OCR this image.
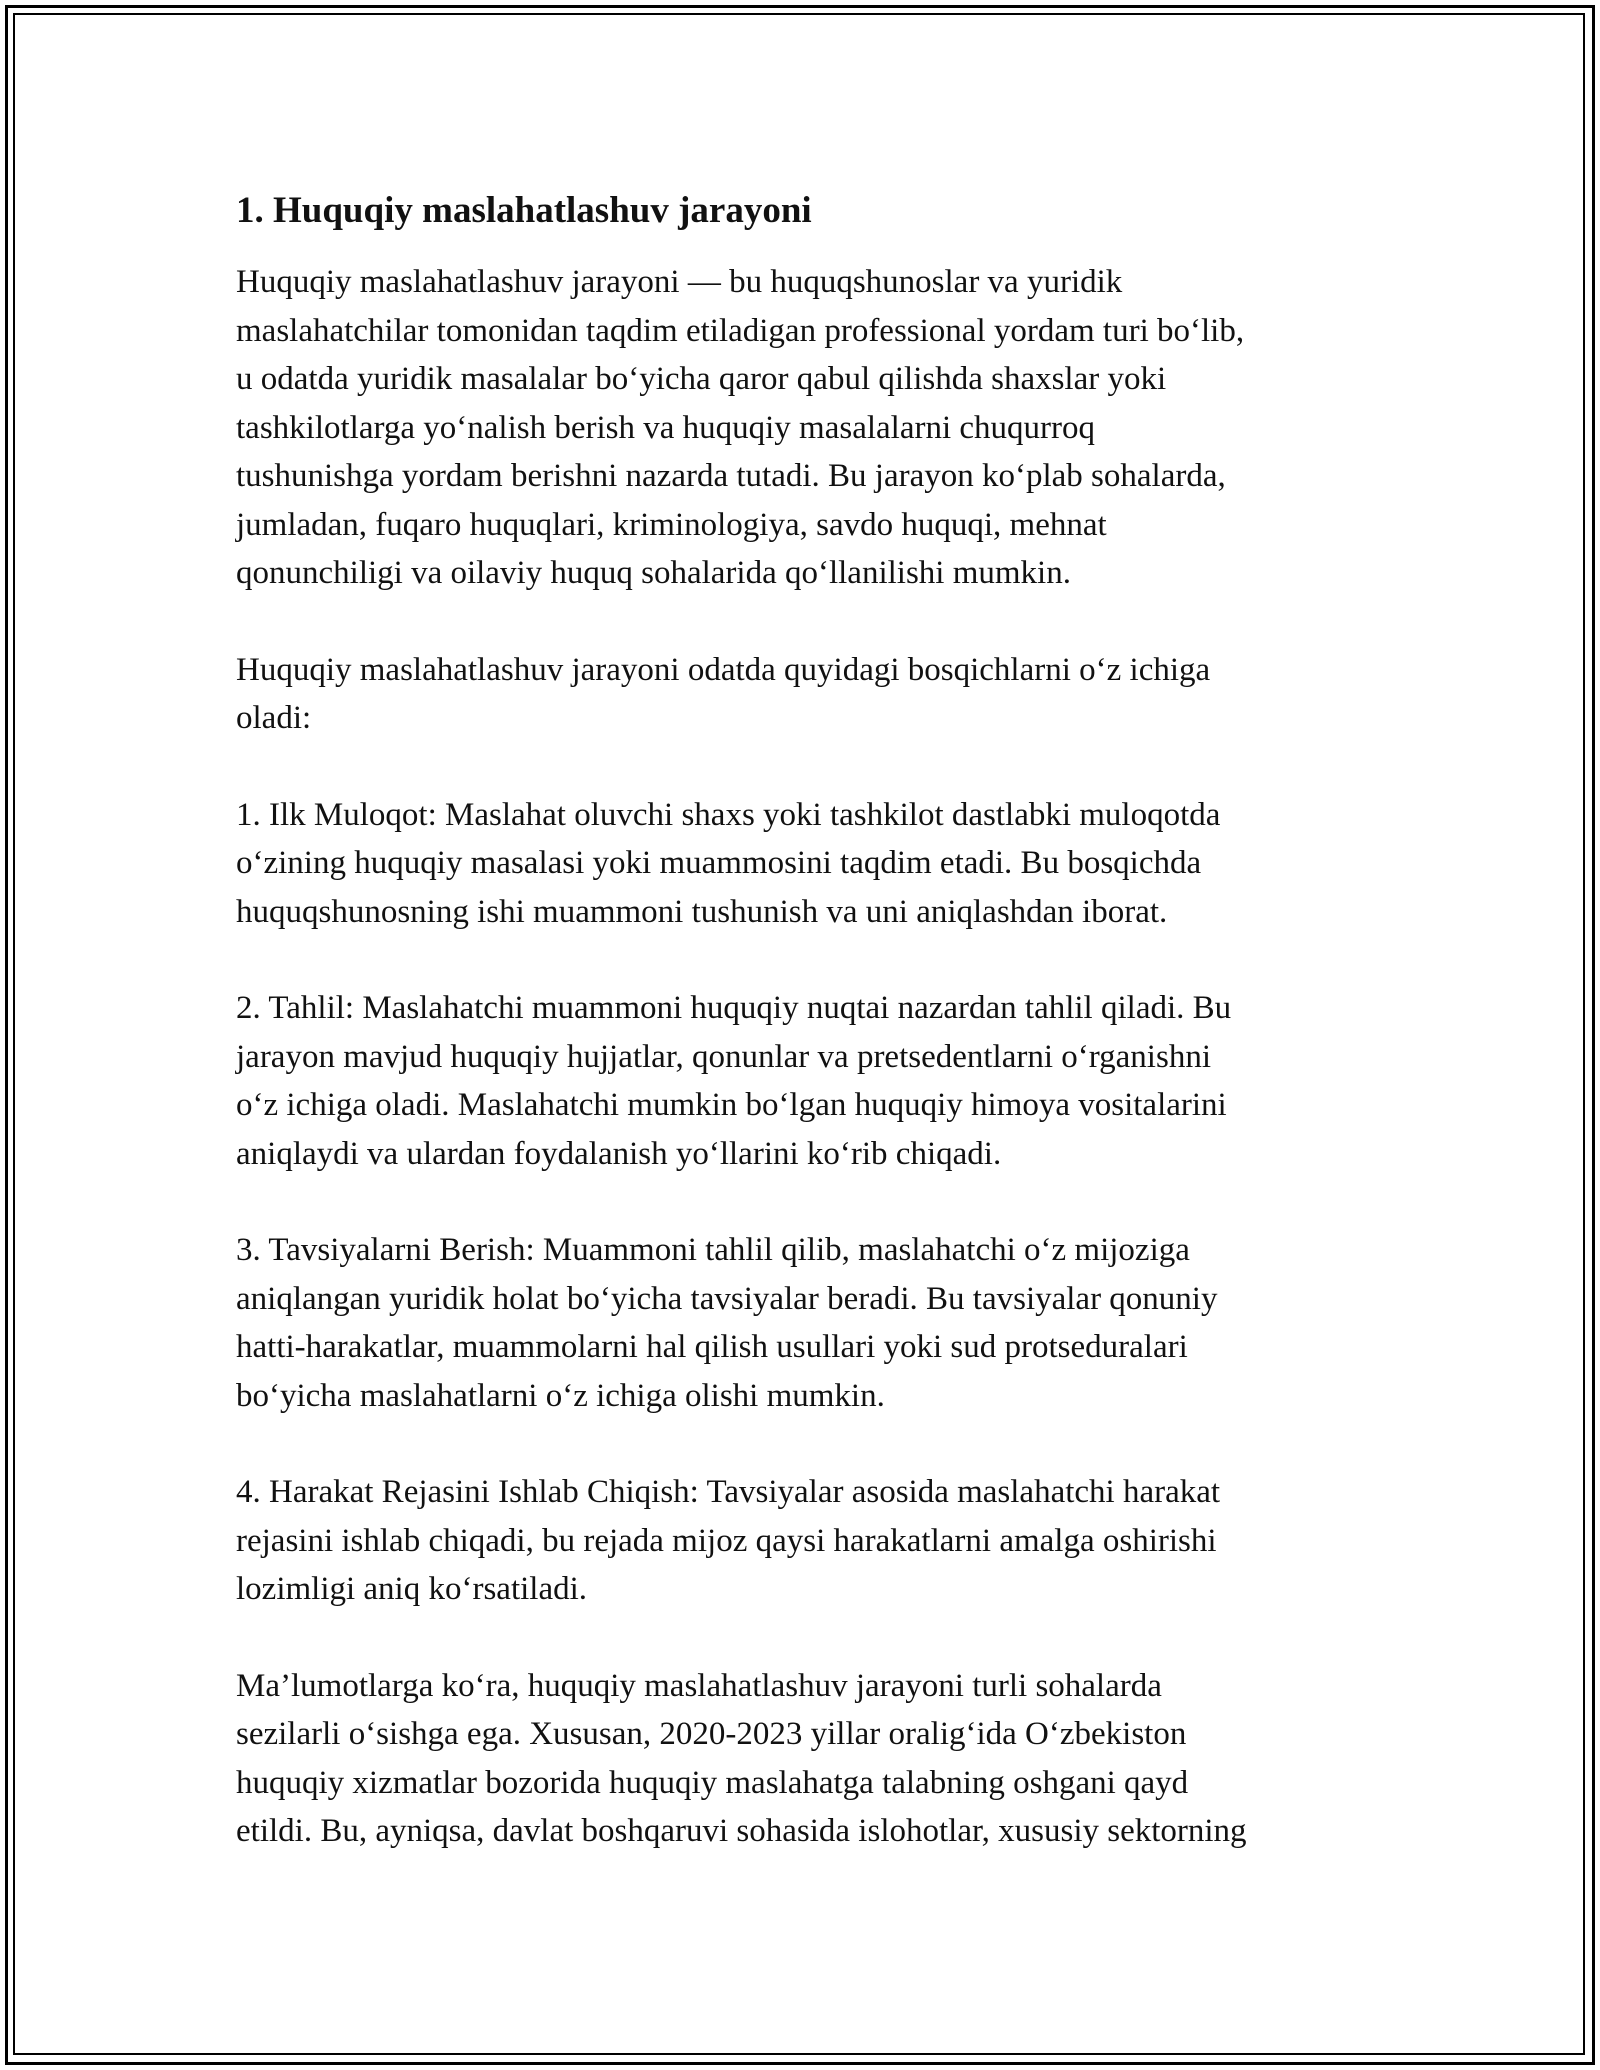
1. Huquqiy maslahatlashuv jarayoni

Huquqiy maslahatlashuv jarayoni — bu huquqshunoslar va yuridik
maslahatchilar tomonidan taqdim etiladigan professional yordam turi bo‘lib,
u odatda yuridik masalalar bo‘yicha qaror qabul qilishda shaxslar yoki
tashkilotlarga yo‘nalish berish va huquqiy masalalarni chuqurroq
tushunishga yordam berishni nazarda tutadi. Bu jarayon ko‘plab sohalarda,
jumladan, fuqaro huquqlari, kriminologiya, savdo huquqi, mehnat
qonunchiligi va oilaviy huquq sohalarida qo‘llanilishi mumkin.

Huquqiy maslahatlashuv jarayoni odatda quyidagi bosqichlarni o‘z ichiga
oladi:

1. Ilk Muloqot: Maslahat oluvchi shaxs yoki tashkilot dastlabki muloqotda
o‘zining huquqiy masalasi yoki muammosini taqdim etadi. Bu bosqichda
huquqshunosning ishi muammoni tushunish va uni aniqlashdan iborat.

2. Tahlil: Maslahatchi muammoni huquqiy nuqtai nazardan tahlil qiladi. Bu
jarayon mavjud huquqiy hujjatlar, qonunlar va pretsedentlarni o‘rganishni
o‘z ichiga oladi. Maslahatchi mumkin bo‘lgan huquqiy himoya vositalarini
aniqlaydi va ulardan foydalanish yo‘llarini ko‘rib chiqadi.

3. Tavsiyalarni Berish: Muammoni tahlil qilib, maslahatchi o‘z mijoziga
aniqlangan yuridik holat bo‘yicha tavsiyalar beradi. Bu tavsiyalar qonuniy
hatti-harakatlar, muammolarni hal qilish usullari yoki sud protseduralari
bo‘yicha maslahatlarni o‘z ichiga olishi mumkin.

4. Harakat Rejasini Ishlab Chiqish: Tavsiyalar asosida maslahatchi harakat
rejasini ishlab chiqadi, bu rejada mijoz qaysi harakatlarni amalga oshirishi
lozimligi aniq ko‘rsatiladi.

Ma’lumotlarga ko‘ra, huquqiy maslahatlashuv jarayoni turli sohalarda
sezilarli o‘sishga ega. Xususan, 2020-2023 yillar oralig‘ida O‘zbekiston
huquqiy xizmatlar bozorida huquqiy maslahatga talabning oshgani qayd
etildi. Bu, ayniqsa, davlat boshqaruvi sohasida islohotlar, xususiy sektorning
